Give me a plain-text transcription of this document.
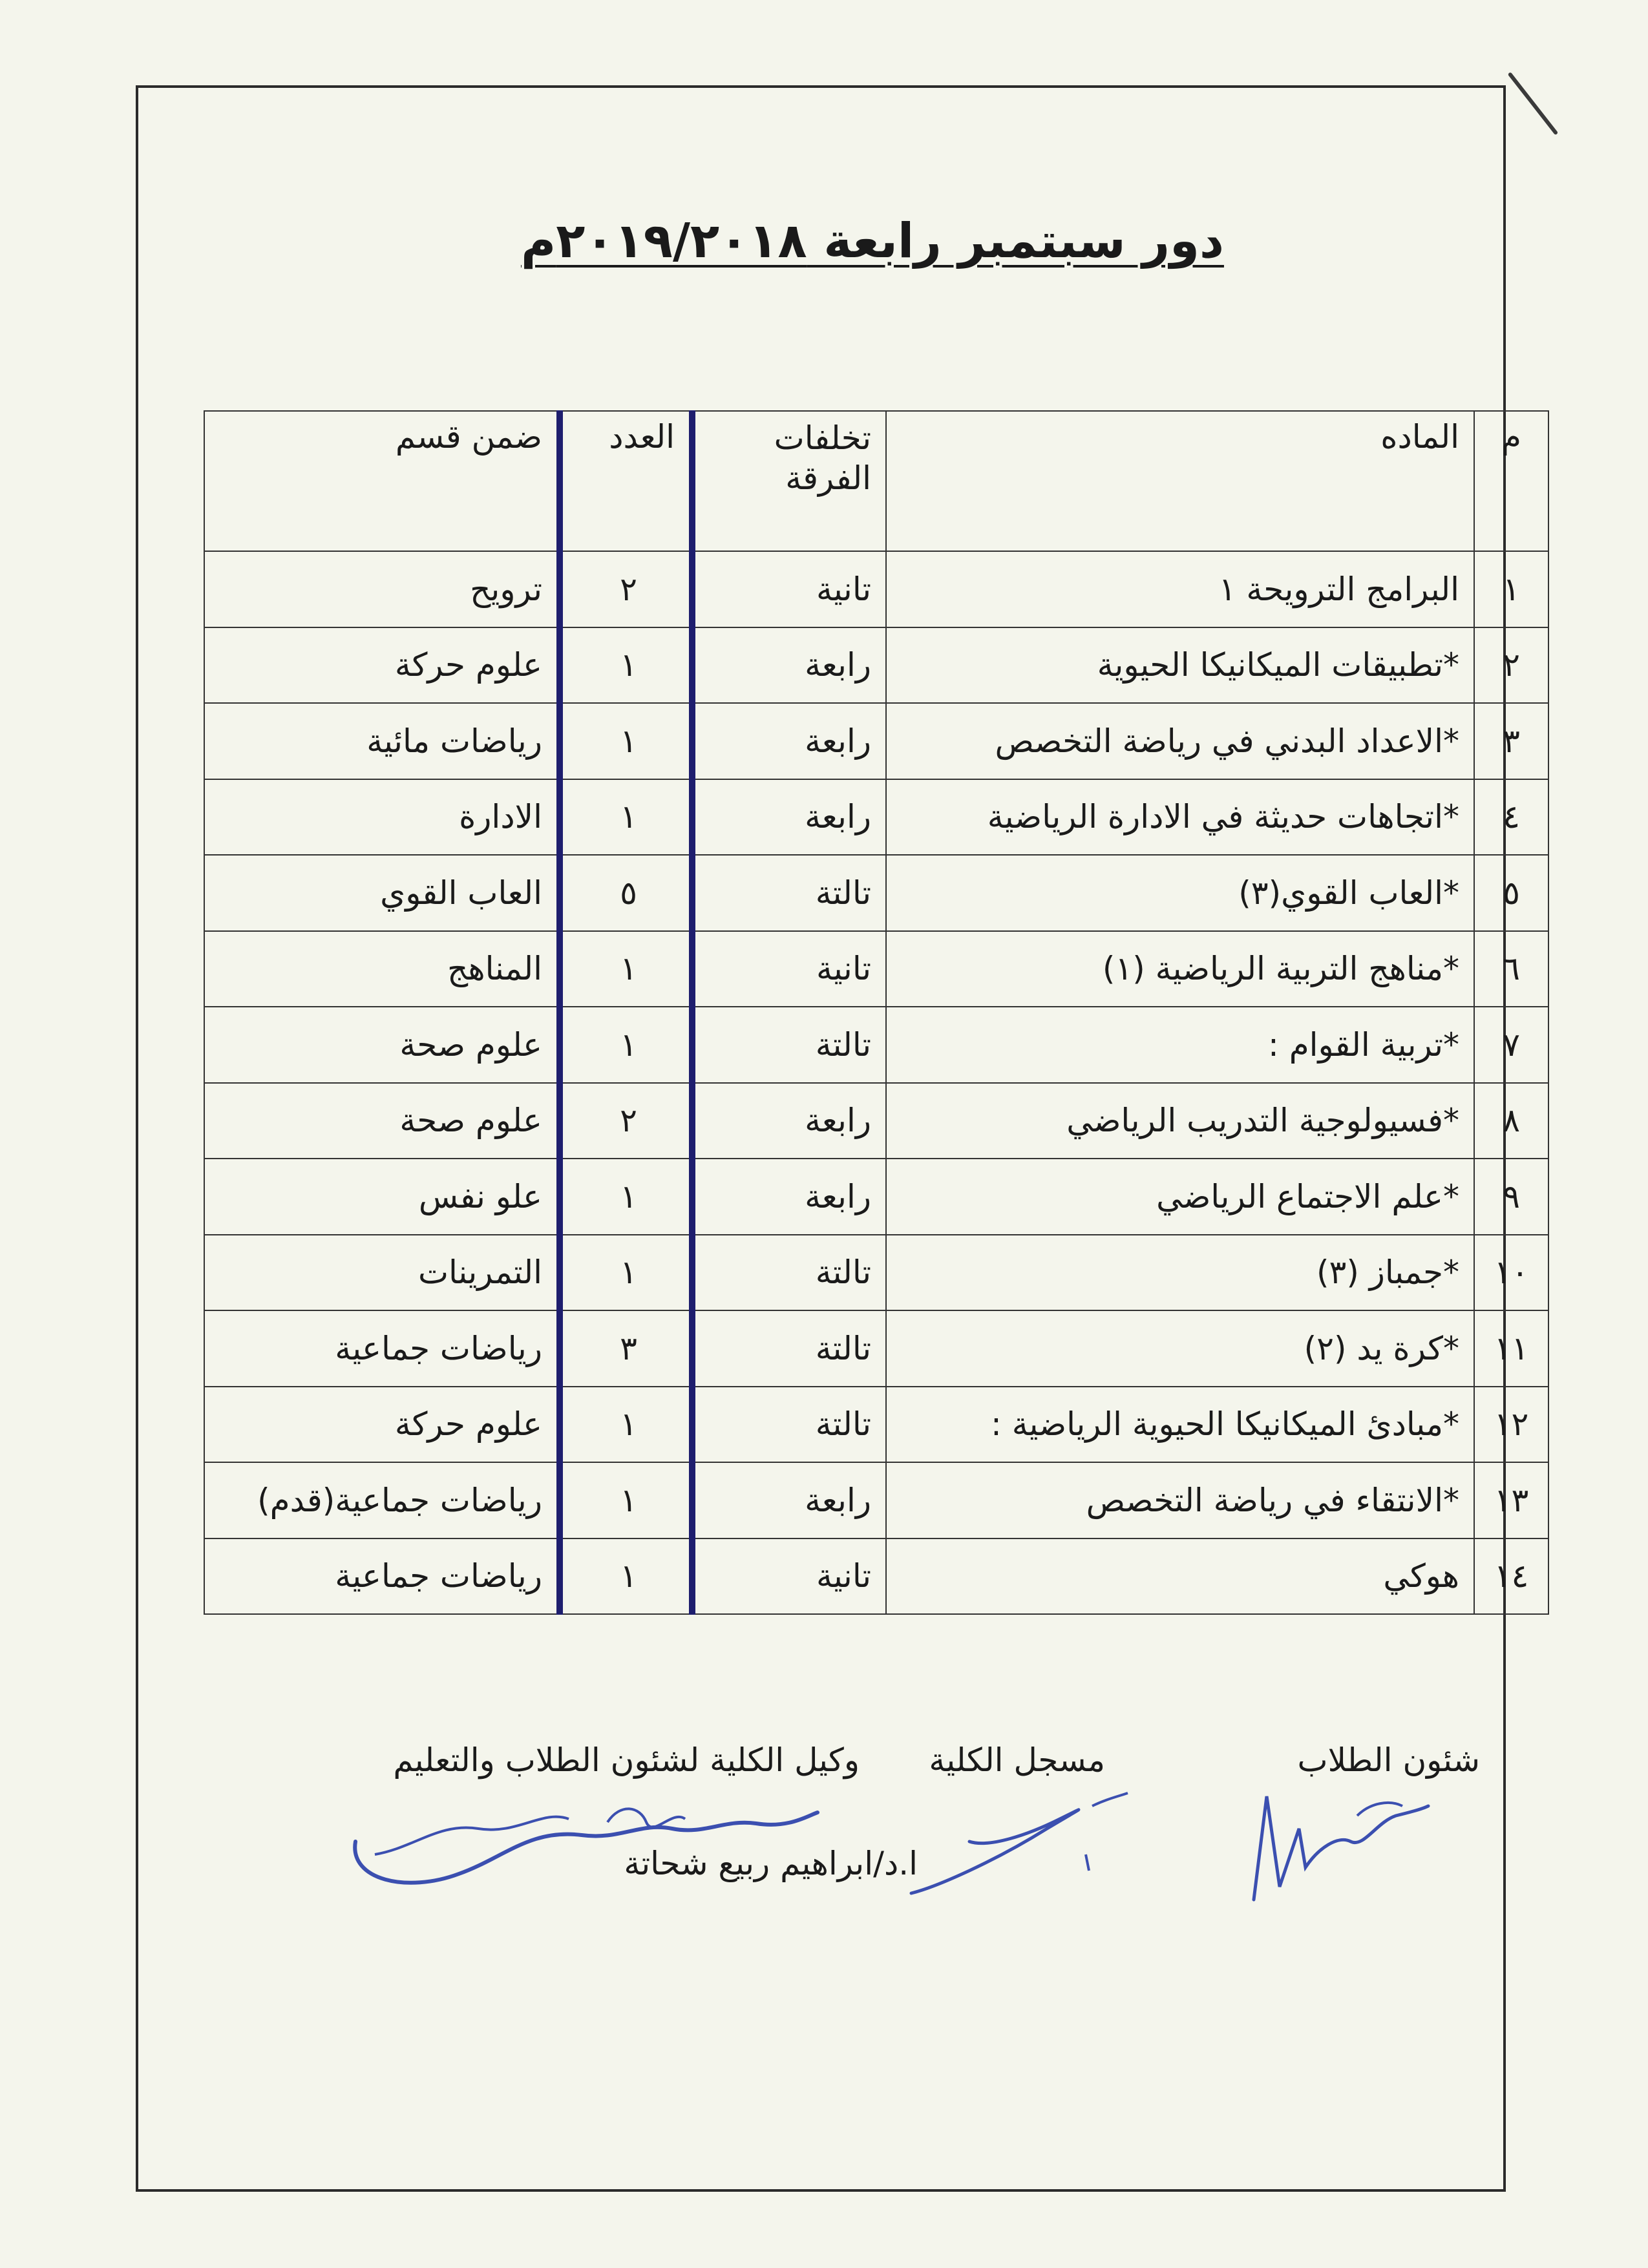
دور سبتمبر رابعة ٢٠١٩/٢٠١٨م
م	الماده	تخلفات الفرقة	العدد	ضمن قسم
١	البرامج الترويحة ١	تانية	٢	ترويح
٢	*تطبيقات الميكانيكا الحيوية	رابعة	١	علوم حركة
٣	*الاعداد البدني في رياضة التخصص	رابعة	١	رياضات مائية
٤	*اتجاهات حديثة في الادارة الرياضية	رابعة	١	الادارة
٥	*العاب القوي(٣)	تالتة	٥	العاب القوي
٦	*مناهج التربية الرياضية (١)	تانية	١	المناهج
٧	*تربية القوام :	تالتة	١	علوم صحة
٨	*فسيولوجية التدريب الرياضي	رابعة	٢	علوم صحة
٩	*علم الاجتماع الرياضي	رابعة	١	علو نفس
١٠	*جمباز (٣)	تالتة	١	التمرينات
١١	*كرة يد (٢)	تالتة	٣	رياضات جماعية
١٢	*مبادئ الميكانيكا الحيوية الرياضية :	تالتة	١	علوم حركة
١٣	*الانتقاء في رياضة التخصص	رابعة	١	رياضات جماعية(قدم)
١٤	هوكي	تانية	١	رياضات جماعية
شئون الطلاب
مسجل الكلية
وكيل الكلية لشئون الطلاب والتعليم
ا.د/ابراهيم ربيع شحاتة
